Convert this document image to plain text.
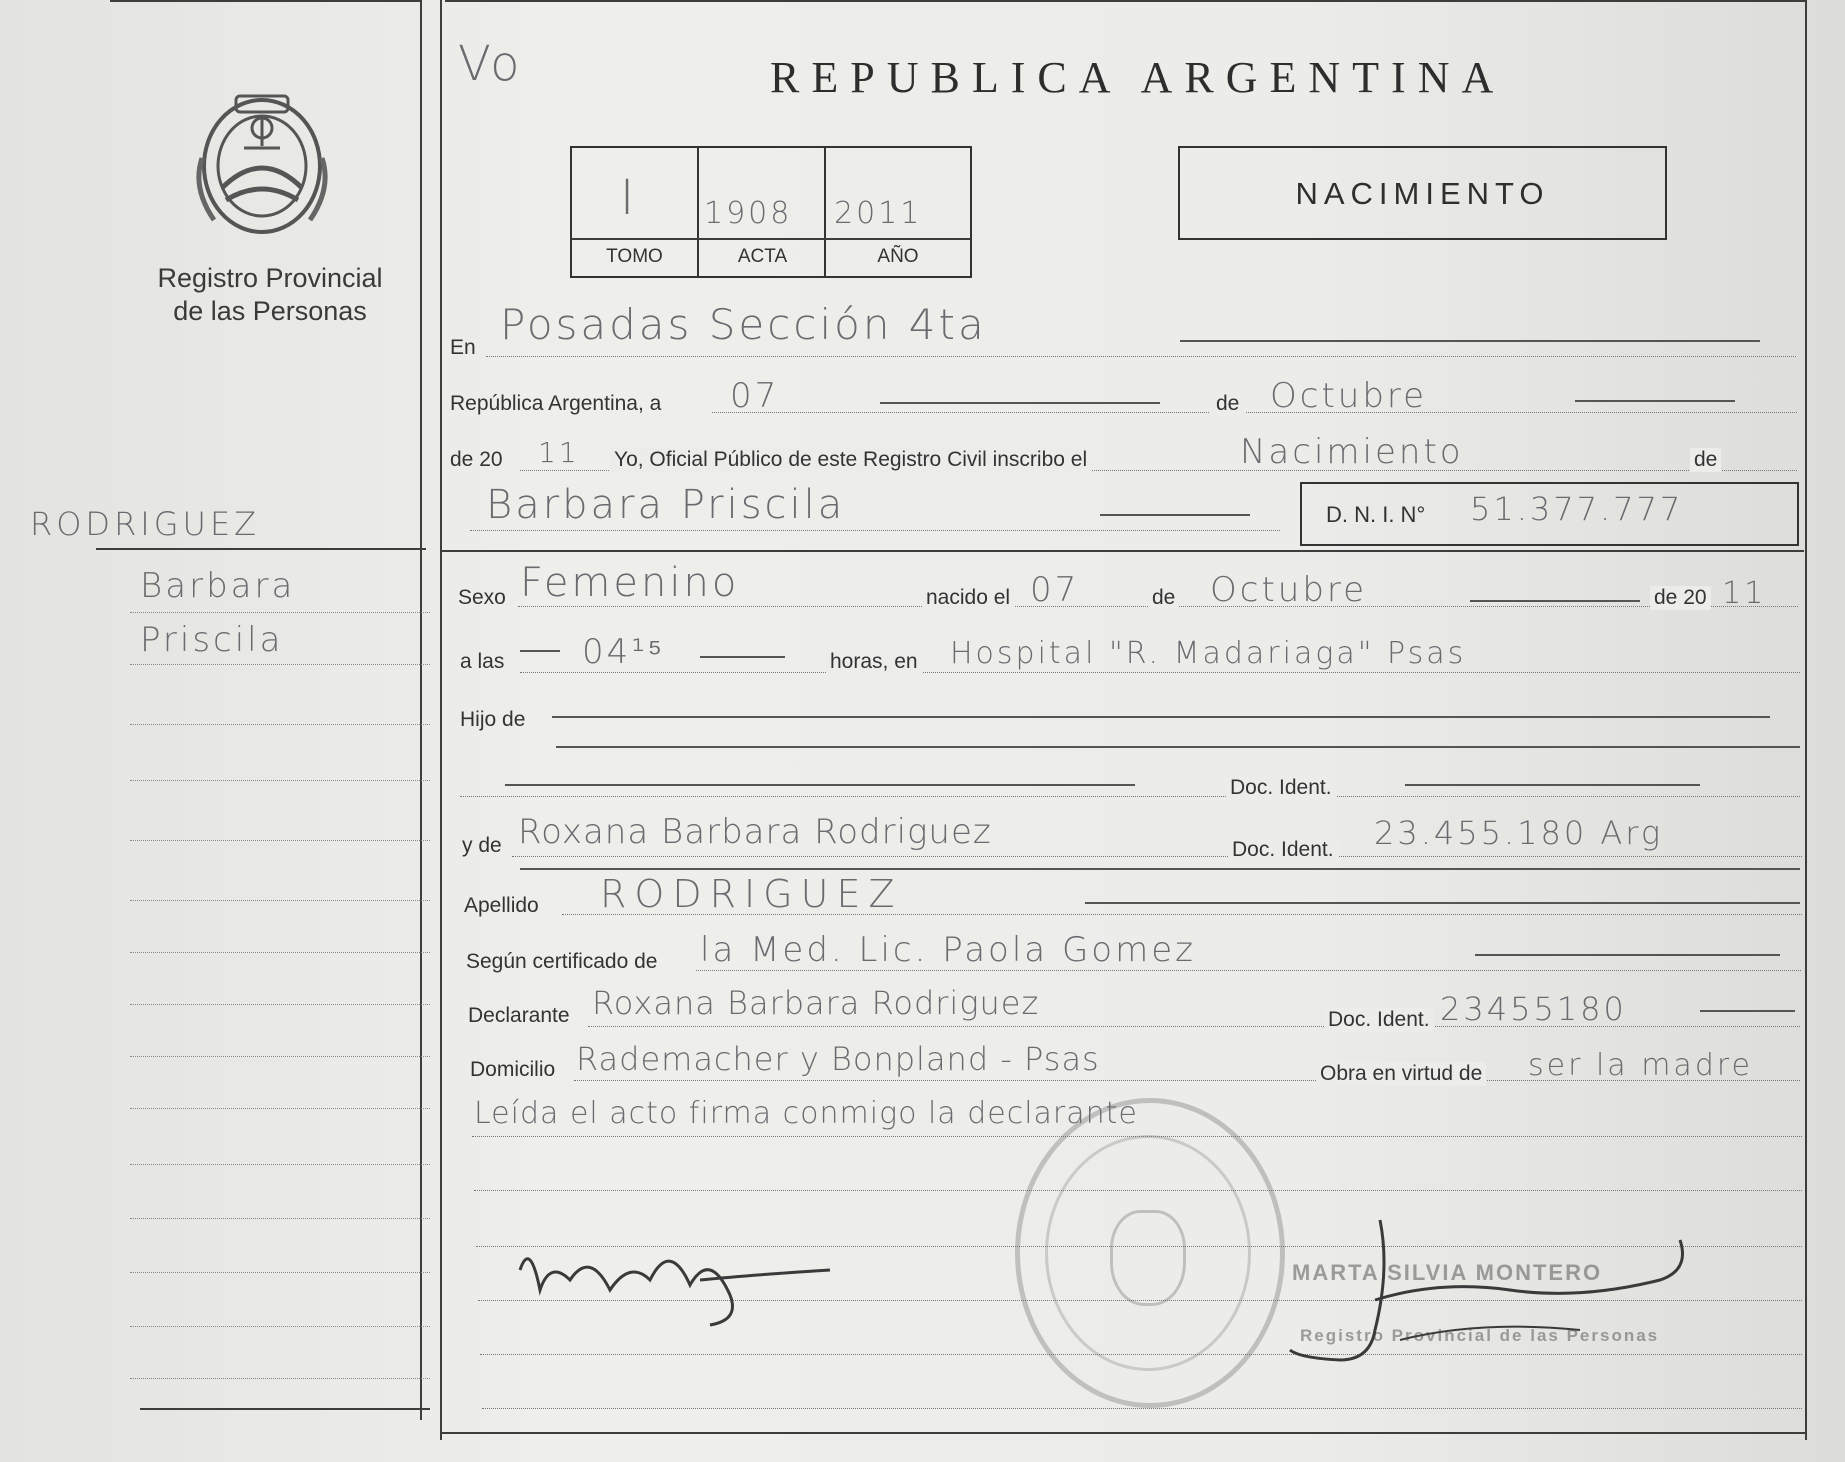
Vo	REPUBLICA ARGENTINA
Registro Provincial
de las Personas
I 1908 2011
TOMO	ACTA	AÑO
NACIMIENTO
RODRIGUEZ
Barbara
Priscila
En Posadas Sección 4ta
República Argentina, a 07	de Octubre
de 20 11 Yo, Oficial Público de este Registro Civil inscribo el	Nacimiento	de
Barbara Priscila	D. N. I. N° 51.377.777
Sexo Femenino	nacido el 07	de Octubre	de 20 11
a las 04¹⁵	horas, en Hospital "R. Madariaga" Psas
Hijo de
Doc. Ident.
y de Roxana Barbara Rodriguez	Doc. Ident. 23.455.180 Arg
Apellido RODRIGUEZ
Según certificado de la Med. Lic. Paola Gomez
Declarante Roxana Barbara Rodriguez	Doc. Ident. 23455180
Domicilio Rademacher y Bonpland - Psas	Obra en virtud de ser la madre
Leída el acto firma conmigo la declarante
MARTA SILVIA MONTERO
Registro Provincial de las Personas
